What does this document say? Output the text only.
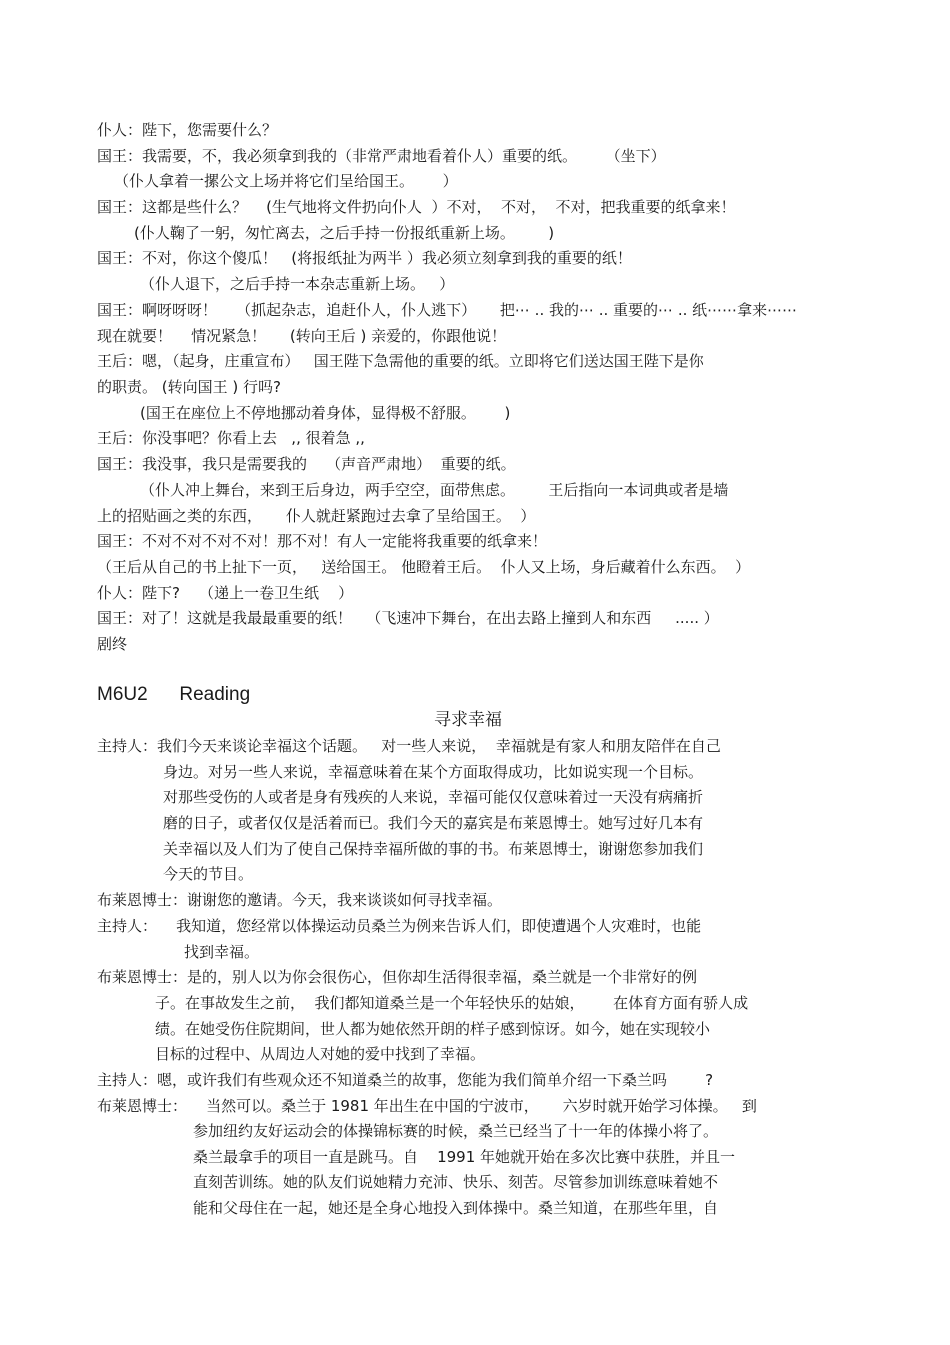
仆人：陛下，您需要什么？
国王：我需要，不，我必须拿到我的（非常严肃地看着仆人）重要的纸。      （坐下）
（仆人拿着一摞公文上场并将它们呈给国王。      ）
国王：这都是些什么？    (生气地将文件扔向仆人  ）不对，  不对，  不对，把我重要的纸拿来！
(仆人鞠了一躬，匆忙离去，之后手持一份报纸重新上场。       )
国王：不对，你这个傻瓜！   (将报纸扯为两半 ）我必须立刻拿到我的重要的纸！
（仆人退下，之后手持一本杂志重新上场。   ）
国王：啊呀呀呀！    （抓起杂志，追赶仆人，仆人逃下）     把⋯ .. 我的⋯ .. 重要的⋯ .. 纸⋯⋯拿来⋯⋯
现在就要！    情况紧急！     (转向王后 ) 亲爱的，你跟他说！
王后：嗯，（起身，庄重宣布）   国王陛下急需他的重要的纸。立即将它们送达国王陛下是你
的职责。 (转向国王 ) 行吗?
(国王在座位上不停地挪动着身体，显得极不舒服。      )
王后：你没事吧？你看上去   ,, 很着急 ,,
国王：我没事，我只是需要我的    （声音严肃地）  重要的纸。
（仆人冲上舞台，来到王后身边，两手空空，面带焦虑。       王后指向一本词典或者是墙
上的招贴画之类的东西，     仆人就赶紧跑过去拿了呈给国王。  ）
国王：不对不对不对不对！那不对！有人一定能将我重要的纸拿来！
（王后从自己的书上扯下一页，   送给国王。 他瞪着王后。  仆人又上场，身后藏着什么东西。  ）
仆人：陛下?    （递上一卷卫生纸    ）
国王：对了！这就是我最最重要的纸！   （飞速冲下舞台，在出去路上撞到人和东西     ..... ）
剧终
M6U2      Reading
寻求幸福
主持人：我们今天来谈论幸福这个话题。   对一些人来说，  幸福就是有家人和朋友陪伴在自己
身边。对另一些人来说，幸福意味着在某个方面取得成功，比如说实现一个目标。
对那些受伤的人或者是身有残疾的人来说，幸福可能仅仅意味着过一天没有病痛折
磨的日子，或者仅仅是活着而已。我们今天的嘉宾是布莱恩博士。她写过好几本有
关幸福以及人们为了使自己保持幸福所做的事的书。布莱恩博士，谢谢您参加我们
今天的节目。
布莱恩博士：谢谢您的邀请。今天，我来谈谈如何寻找幸福。
主持人：    我知道，您经常以体操运动员桑兰为例来告诉人们，即使遭遇个人灾难时，也能
找到幸福。
布莱恩博士：是的，别人以为你会很伤心，但你却生活得很幸福，桑兰就是一个非常好的例
子。在事故发生之前，  我们都知道桑兰是一个年轻快乐的姑娘，      在体育方面有骄人成
绩。在她受伤住院期间，世人都为她依然开朗的样子感到惊讶。如今，她在实现较小
目标的过程中、从周边人对她的爱中找到了幸福。
主持人：嗯，或许我们有些观众还不知道桑兰的故事，您能为我们简单介绍一下桑兰吗        ?
布莱恩博士：    当然可以。桑兰于 1981 年出生在中国的宁波市，     六岁时就开始学习体操。   到
参加纽约友好运动会的体操锦标赛的时候，桑兰已经当了十一年的体操小将了。
桑兰最拿手的项目一直是跳马。自    1991 年她就开始在多次比赛中获胜，并且一
直刻苦训练。她的队友们说她精力充沛、快乐、刻苦。尽管参加训练意味着她不
能和父母住在一起，她还是全身心地投入到体操中。桑兰知道，在那些年里，自
